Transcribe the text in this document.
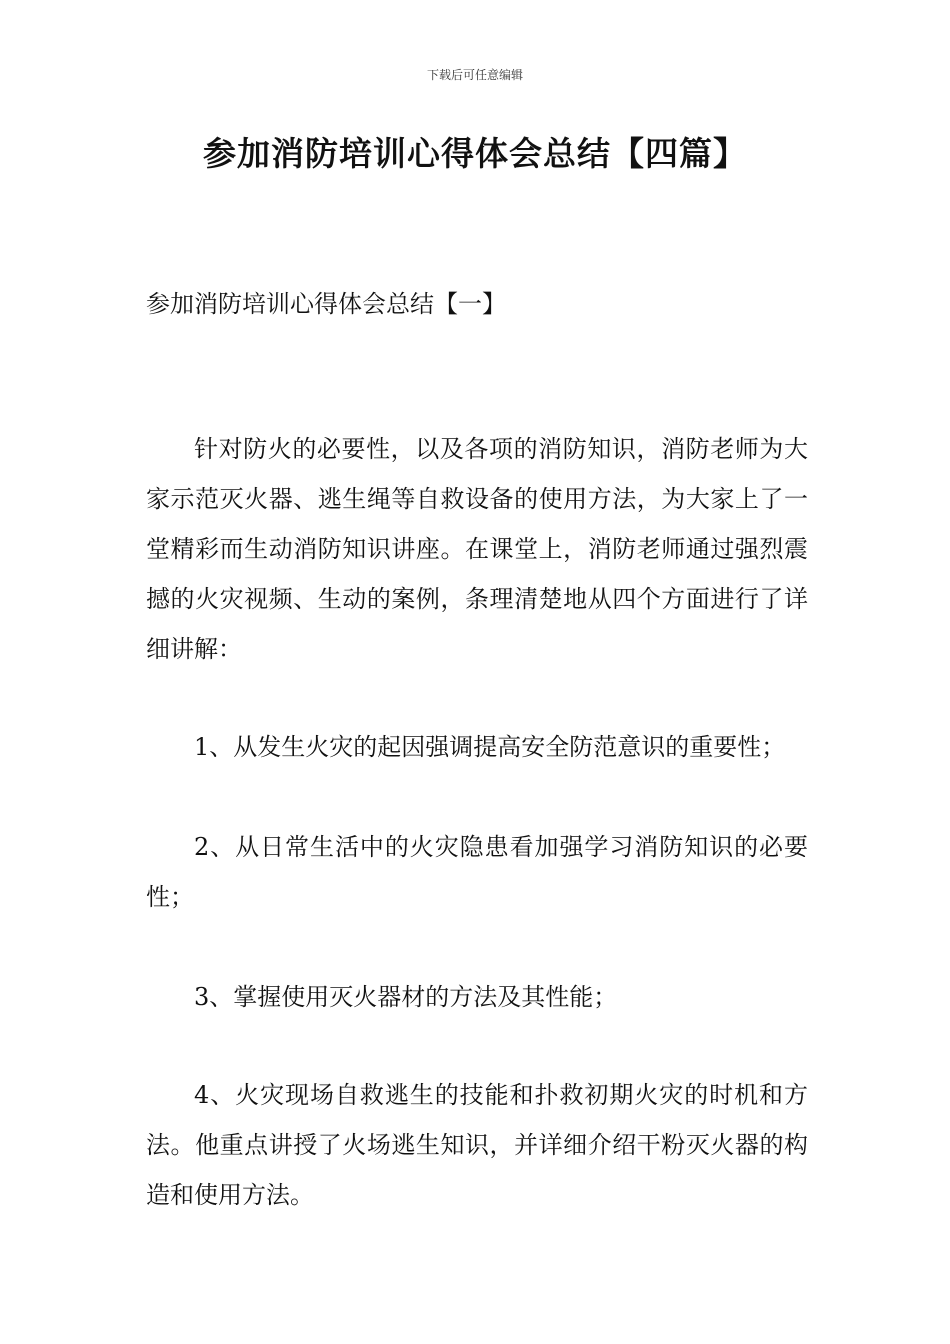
下载后可任意编辑
参加消防培训心得体会总结【四篇】
参加消防培训心得体会总结【一】

针对防火的必要性，以及各项的消防知识，消防老师为大家示范灭火器、逃生绳等自救设备的使用方法，为大家上了一堂精彩而生动消防知识讲座。在课堂上，消防老师通过强烈震撼的火灾视频、生动的案例，条理清楚地从四个方面进行了详细讲解：

1、从发生火灾的起因强调提高安全防范意识的重要性；

2、从日常生活中的火灾隐患看加强学习消防知识的必要性；

3、掌握使用灭火器材的方法及其性能；

4、火灾现场自救逃生的技能和扑救初期火灾的时机和方法。他重点讲授了火场逃生知识，并详细介绍干粉灭火器的构造和使用方法。
